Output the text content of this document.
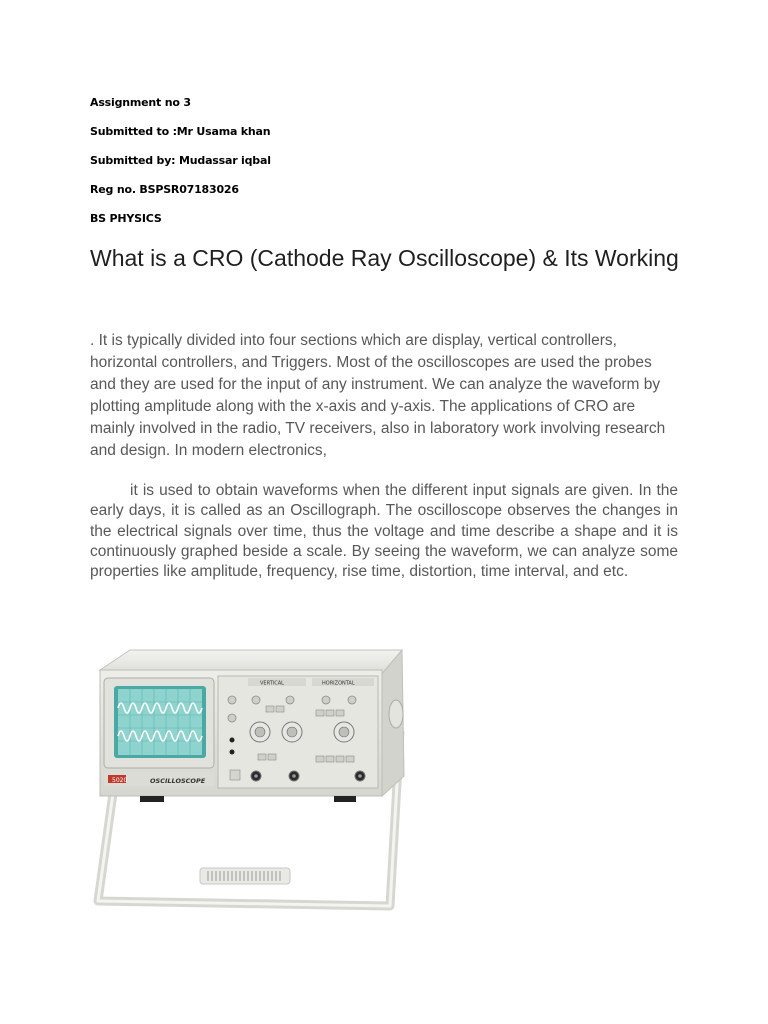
Assignment no 3
Submitted to :Mr Usama khan
Submitted by: Mudassar iqbal
Reg no. BSPSR07183026
BS PHYSICS
What is a CRO (Cathode Ray Oscilloscope) & Its Working

. It is typically divided into four sections which are display, vertical controllers, horizontal controllers, and Triggers. Most of the oscilloscopes are used the probes and they are used for the input of any instrument. We can analyze the waveform by plotting amplitude along with the x-axis and y-axis. The applications of CRO are mainly involved in the radio, TV receivers, also in laboratory work involving research and design. In modern electronics,

it is used to obtain waveforms when the different input signals are given. In the early days, it is called as an Oscillograph. The oscilloscope observes the changes in the electrical signals over time, thus the voltage and time describe a shape and it is continuously graphed beside a scale. By seeing the waveform, we can analyze some properties like amplitude, frequency, rise time, distortion, time interval, and etc.

5020	OSCILLOSCOPE
VERTICAL	HORIZONTAL
